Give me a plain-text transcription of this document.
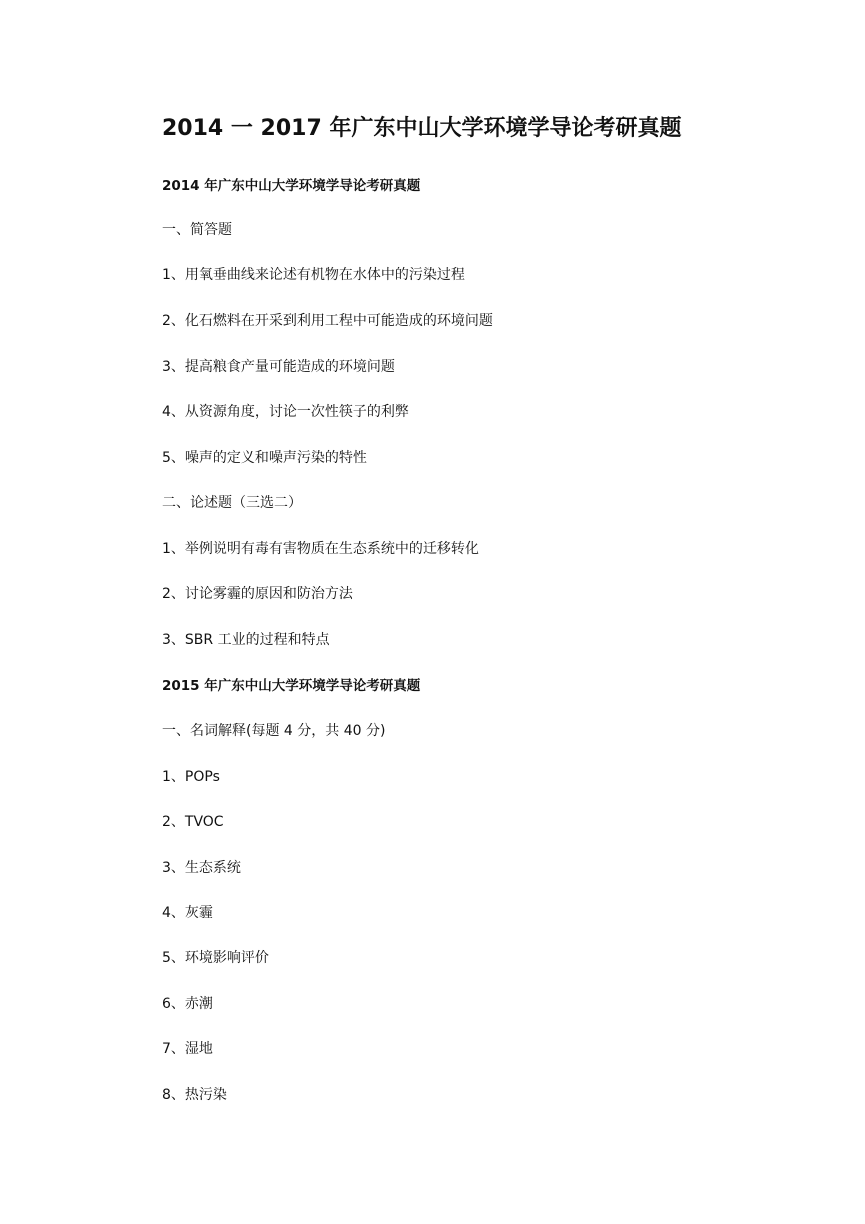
2014 一 2017 年广东中山大学环境学导论考研真题
2014 年广东中山大学环境学导论考研真题
一、简答题
1、用氧垂曲线来论述有机物在水体中的污染过程
2、化石燃料在开采到利用工程中可能造成的环境问题
3、提高粮食产量可能造成的环境问题
4、从资源角度，讨论一次性筷子的利弊
5、噪声的定义和噪声污染的特性
二、论述题（三选二）
1、举例说明有毒有害物质在生态系统中的迁移转化
2、讨论雾霾的原因和防治方法
3、SBR 工业的过程和特点
2015 年广东中山大学环境学导论考研真题
一、名词解释(每题 4 分，共 40 分)
1、POPs
2、TVOC
3、生态系统
4、灰霾
5、环境影响评价
6、赤潮
7、湿地
8、热污染
